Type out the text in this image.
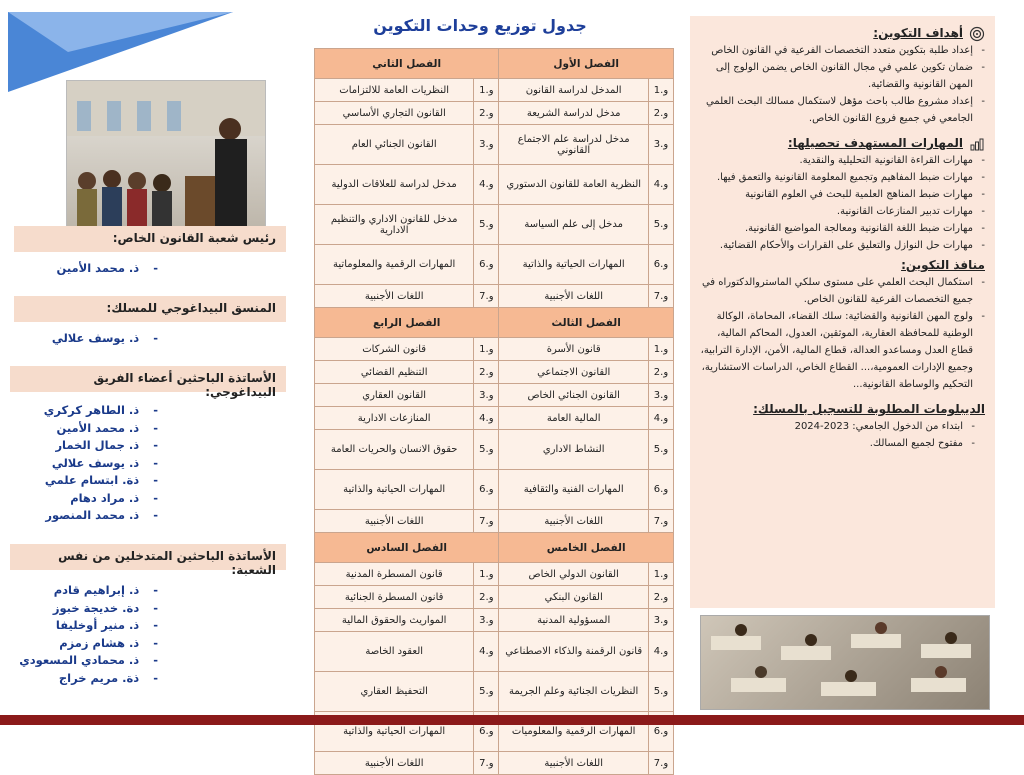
رئيس شعبة القانون الخاص:
- ذ. محمد الأمين
المنسق البيداغوجي للمسلك:
- ذ. يوسف علالي
الأساتذة الباحثين أعضاء الفريق البيداغوجي:
- ذ. الطاهر كركري
- ذ. محمد الأمين
- ذ. جمال الخمار
- ذ. يوسف علالي
- ذة. ابتسام علمي
- ذ. مراد دهام
- ذ. محمد المنصور
الأساتذة الباحثين المتدخلين من نفس الشعبة:
- ذ. إبراهيم قادم
- دة. خديجة خبوز
- ذ. منير أوخليفا
- ذ. هشام زمزم
- ذ. محمادي المسعودي
- ذة. مريم خراج
جدول توزيع وحدات التكوين
الفصل الأول		الفصل الثاني	
و.1	المدخل لدراسة القانون	و.1	النظريات العامة للالتزامات
و.2	مدخل لدراسة الشريعة	و.2	القانون التجاري الأساسي
و.3	مدخل لدراسة علم الاجتماع القانوني	و.3	القانون الجنائي العام
و.4	النظرية العامة للقانون الدستوري	و.4	مدخل لدراسة للعلاقات الدولية
و.5	مدخل إلى علم السياسة	و.5	مدخل للقانون الاداري والتنظيم الادارية
و.6	المهارات الحياتية والذاتية	و.6	المهارات الرقمية والمعلوماتية
و.7	اللغات الأجنبية	و.7	اللغات الأجنبية
الفصل الثالث		الفصل الرابع	
و.1	قانون الأسرة	و.1	قانون الشركات
و.2	القانون الاجتماعي	و.2	التنظيم القضائي
و.3	القانون الجنائي الخاص	و.3	القانون العقاري
و.4	المالية العامة	و.4	المنازعات الادارية
و.5	النشاط الاداري	و.5	حقوق الانسان والحريات العامة
و.6	المهارات الفنية والثقافية	و.6	المهارات الحياتية والذاتية
و.7	اللغات الأجنبية	و.7	اللغات الأجنبية
الفصل الخامس		الفصل السادس	
و.1	القانون الدولي الخاص	و.1	قانون المسطرة المدنية
و.2	القانون البنكي	و.2	قانون المسطرة الجنائية
و.3	المسؤولية المدنية	و.3	المواريث والحقوق المالية
و.4	قانون الرقمنة والذكاء الاصطناعي	و.4	العقود الخاصة
و.5	النظريات الجنائية وعلم الجريمة	و.5	التحفيظ العقاري
و.6	المهارات الرقمية والمعلوميات	و.6	المهارات الحياتية والذاتية
و.7	اللغات الأجنبية	و.7	اللغات الأجنبية
أهداف التكوين:
- إعداد طلبة بتكوين متعدد التخصصات الفرعية في القانون الخاص
- ضمان تكوين علمي في مجال القانون الخاص يضمن الولوج إلى المهن القانونية والقضائية.
- إعداد مشروع طالب باحث مؤهل لاستكمال مسالك البحث العلمي الجامعي في جميع فروع القانون الخاص.
المهارات المستهدف تحصيلها:
- مهارات القراءة القانونية التحليلية والنقدية.
- مهارات ضبط المفاهيم وتجميع المعلومة القانونية والتعمق فيها.
- مهارات ضبط المناهج العلمية للبحث في العلوم القانونية
- مهارات تدبير المنازعات القانونية.
- مهارات ضبط اللغة القانونية ومعالجة المواضيع القانونية.
- مهارات حل النوازل والتعليق على القرارات والأحكام القضائية.
منافذ التكوين:
- استكمال البحث العلمي على مستوى سلكي الماستروالدكتوراه في جميع التخصصات الفرعية للقانون الخاص.
- ولوج المهن القانونية والقضائية: سلك القضاء، المحاماة، الوكالة الوطنية للمحافظة العقارية، الموثقين، العدول، المحاكم المالية، قطاع العدل ومساعدو العدالة، قطاع المالية، الأمن، الإدارة الترابية، وجميع الإدارات العمومية،... القطاع الخاص، الدراسات الاستشارية، التحكيم والوساطة القانونية...
الديبلومات المطلوبة للتسجيل بالمسلك:
- ابتداء من الدخول الجامعي: 2023-2024
- مفتوح لجميع المسالك.
